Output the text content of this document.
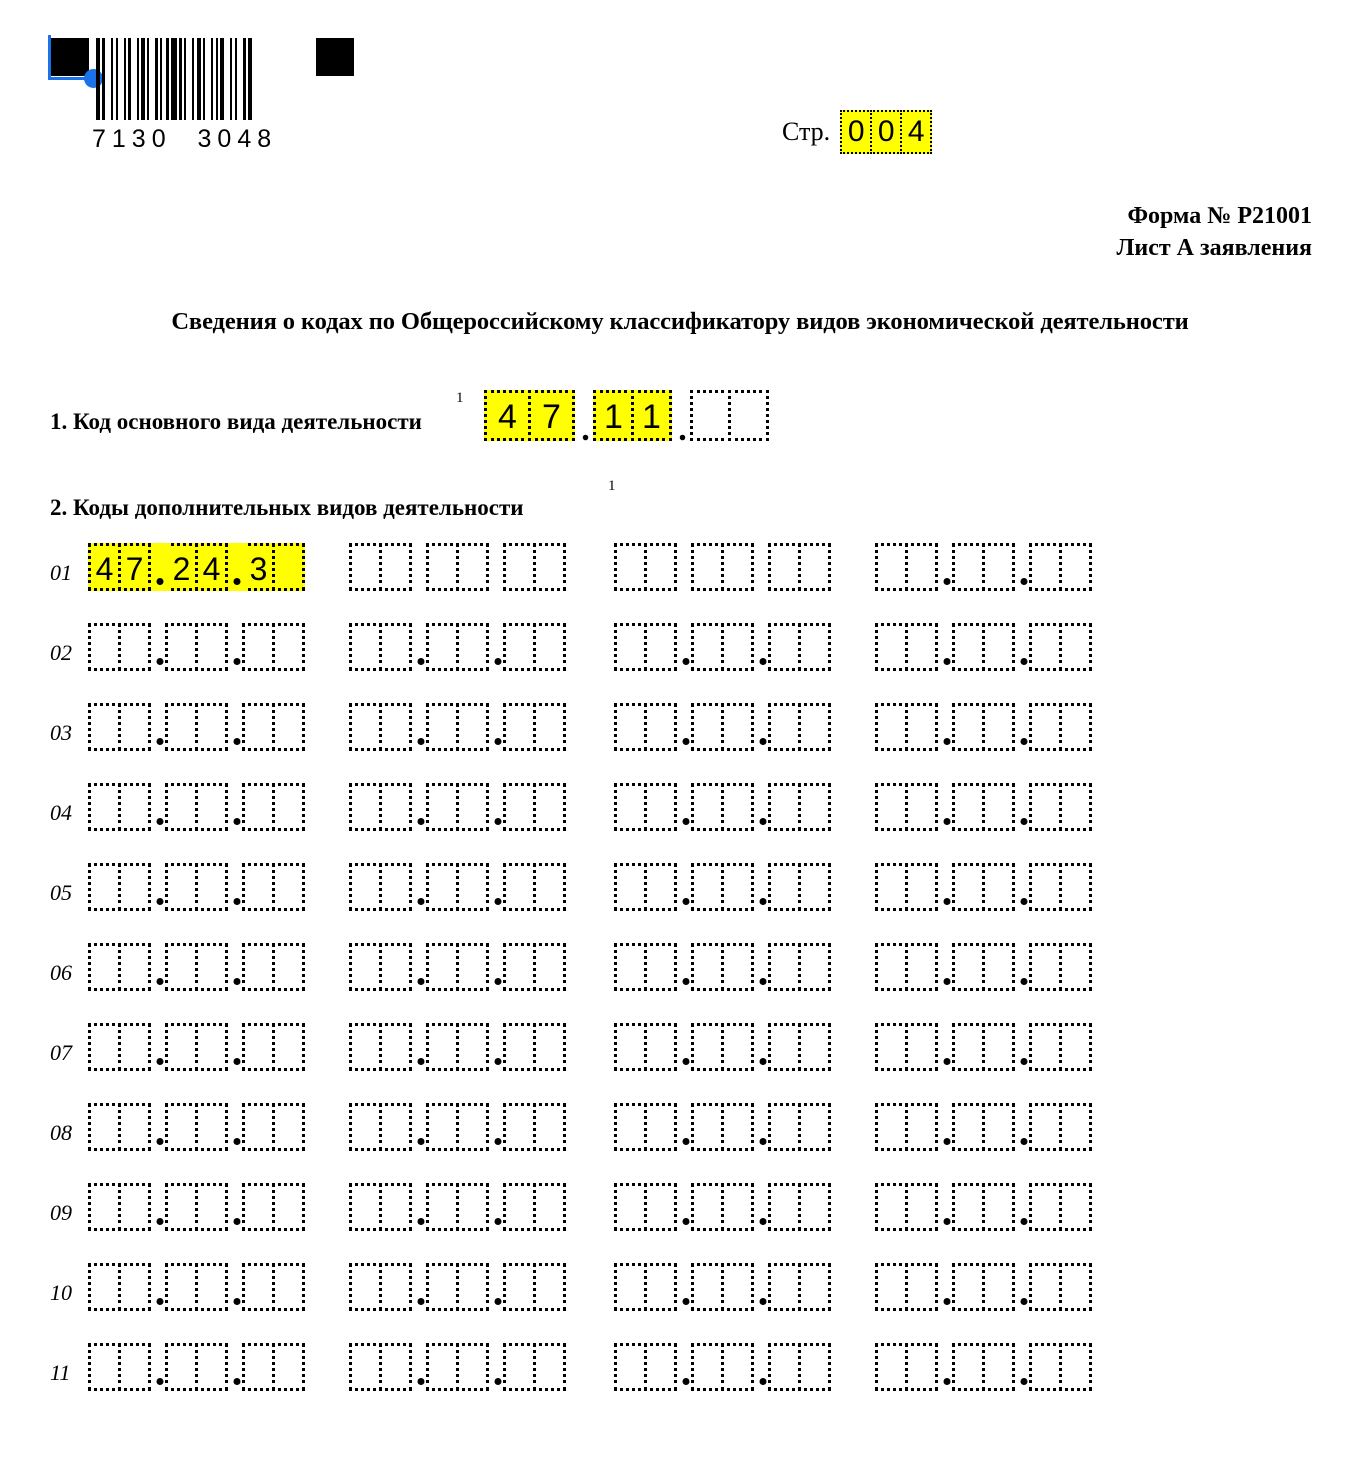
7130  3048	Стр. 0 0 4
Форма № Р21001
Лист А заявления
Сведения о кодах по Общероссийскому классификатору видов экономической деятельности
1. Код основного вида деятельности
1
4 7 . 1 1 .
2. Коды дополнительных видов деятельности
1
01 4 7 2 4 3
02
03
04
05
06
07
08
09
10
11
